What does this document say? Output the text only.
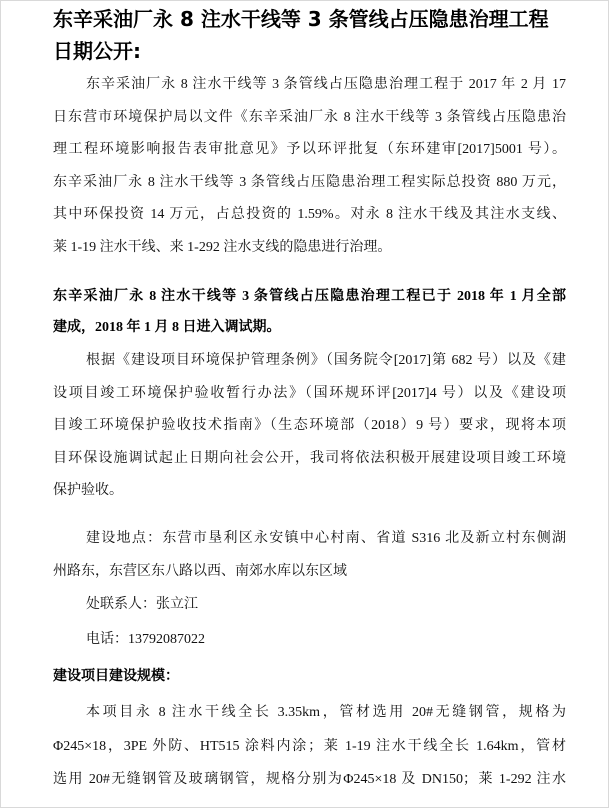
东辛采油厂永 8 注水干线等 3 条管线占压隐患治理工程
日期公开:
东辛采油厂永 8 注水干线等 3 条管线占压隐患治理工程于 2017 年 2 月 17
日东营市环境保护局以文件《东辛采油厂永 8 注水干线等 3 条管线占压隐患治
理工程环境影响报告表审批意见》予以环评批复（东环建审[2017]5001 号）。
东辛采油厂永 8 注水干线等 3 条管线占压隐患治理工程实际总投资 880 万元，
其中环保投资 14 万元，占总投资的 1.59%。对永 8 注水干线及其注水支线、
莱 1-19 注水干线、来 1-292 注水支线的隐患进行治理。
东辛采油厂永 8 注水干线等 3 条管线占压隐患治理工程已于 2018 年 1 月全部
建成，2018 年 1 月 8 日进入调试期。
根据《建设项目环境保护管理条例》（国务院令[2017]第 682 号）以及《建
设项目竣工环境保护验收暂行办法》（国环规环评[2017]4 号）以及《建设项
目竣工环境保护验收技术指南》（生态环境部（2018）9 号）要求，现将本项
目环保设施调试起止日期向社会公开，我司将依法积极开展建设项目竣工环境
保护验收。
建设地点：东营市垦利区永安镇中心村南、省道 S316 北及新立村东侧湖
州路东，东营区东八路以西、南郊水库以东区域
处联系人：张立江
电话：13792087022
建设项目建设规模：
本项目永 8 注水干线全长 3.35km，管材选用 20#无缝钢管，规格为
Φ245×18，3PE 外防、HT515 涂料内涂；莱 1-19 注水干线全长 1.64km，管材
选用 20#无缝钢管及玻璃钢管，规格分别为Φ245×18 及 DN150；莱 1-292 注水
